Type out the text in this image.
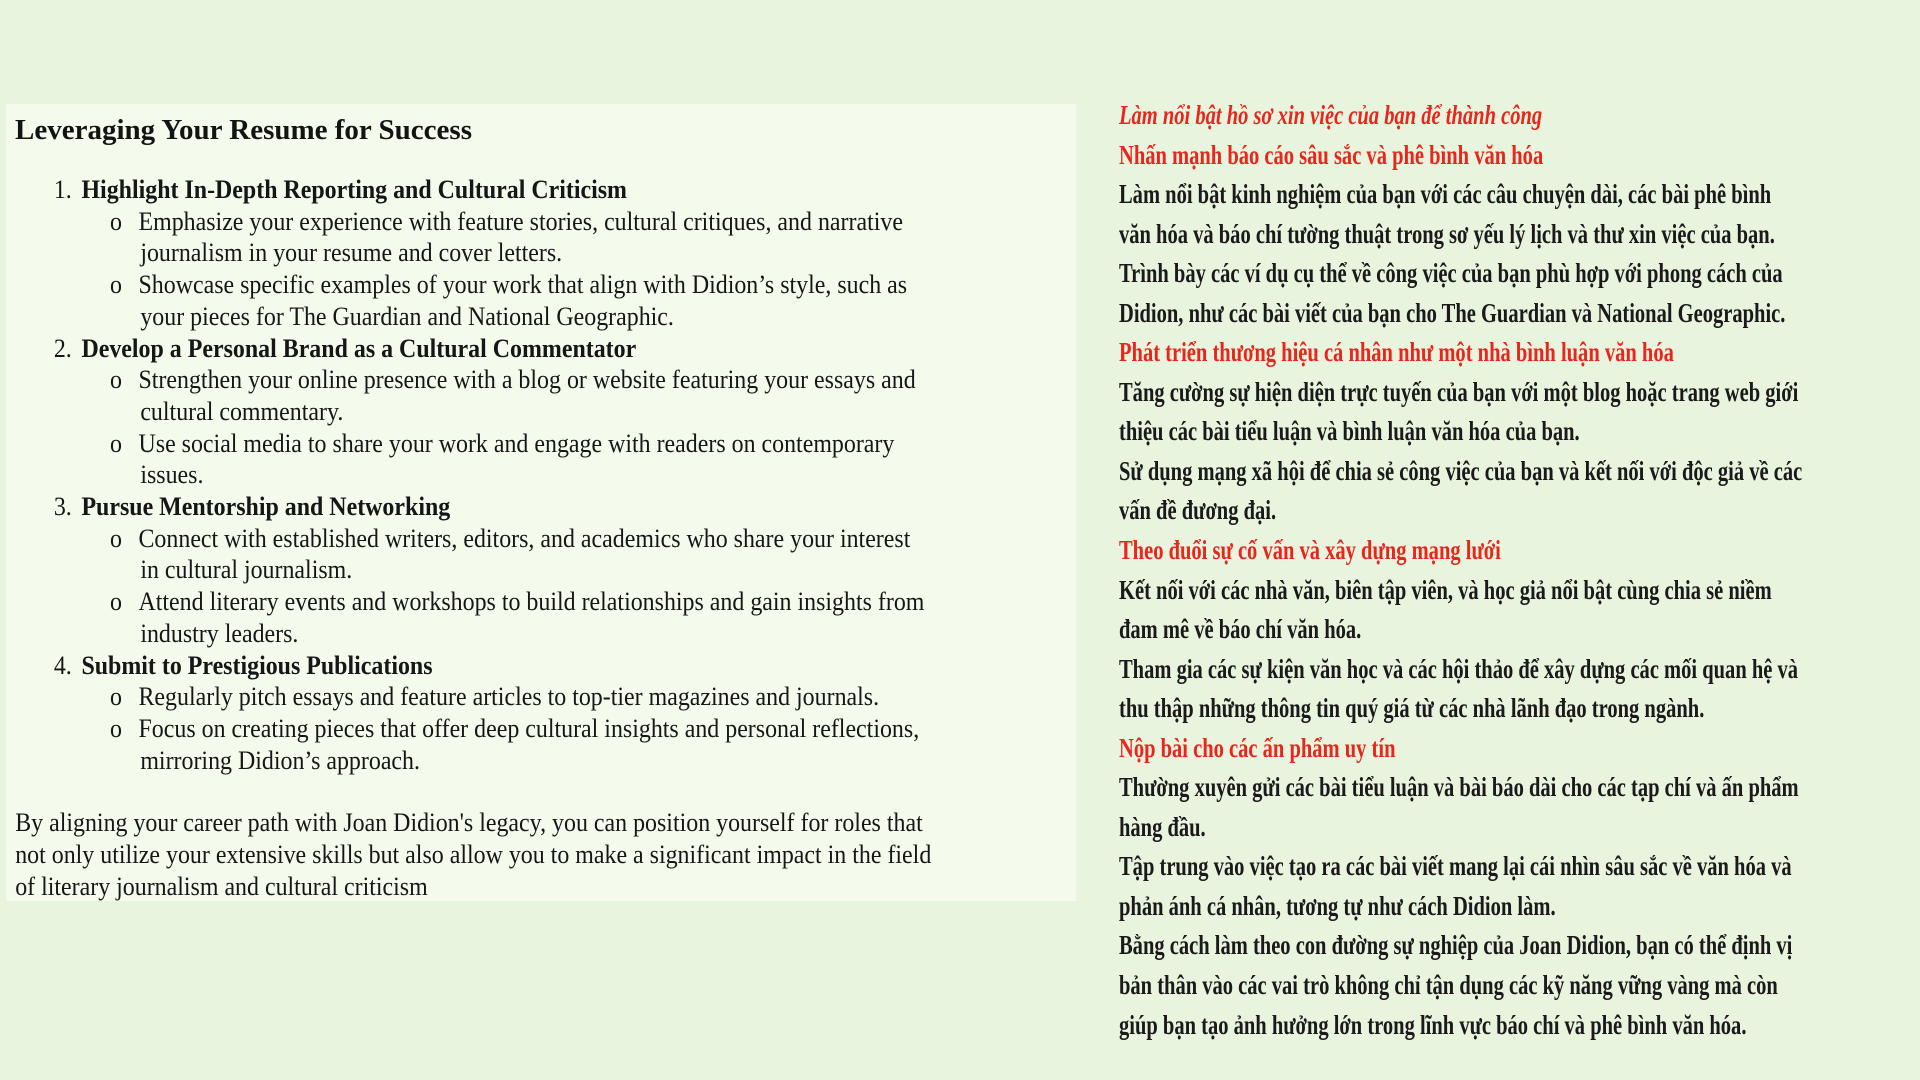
Leveraging Your Resume for Success
1. Highlight In-Depth Reporting and Cultural Criticism
o Emphasize your experience with feature stories, cultural critiques, and narrative
journalism in your resume and cover letters.
o Showcase specific examples of your work that align with Didion’s style, such as
your pieces for The Guardian and National Geographic.
2. Develop a Personal Brand as a Cultural Commentator
o Strengthen your online presence with a blog or website featuring your essays and
cultural commentary.
o Use social media to share your work and engage with readers on contemporary
issues.
3. Pursue Mentorship and Networking
o Connect with established writers, editors, and academics who share your interest
in cultural journalism.
o Attend literary events and workshops to build relationships and gain insights from
industry leaders.
4. Submit to Prestigious Publications
o Regularly pitch essays and feature articles to top-tier magazines and journals.
o Focus on creating pieces that offer deep cultural insights and personal reflections,
mirroring Didion’s approach.
By aligning your career path with Joan Didion's legacy, you can position yourself for roles that
not only utilize your extensive skills but also allow you to make a significant impact in the field
of literary journalism and cultural criticism
Làm nổi bật hồ sơ xin việc của bạn để thành công
Nhấn mạnh báo cáo sâu sắc và phê bình văn hóa
Làm nổi bật kinh nghiệm của bạn với các câu chuyện dài, các bài phê bình
văn hóa và báo chí tường thuật trong sơ yếu lý lịch và thư xin việc của bạn.
Trình bày các ví dụ cụ thể về công việc của bạn phù hợp với phong cách của
Didion, như các bài viết của bạn cho The Guardian và National Geographic.
Phát triển thương hiệu cá nhân như một nhà bình luận văn hóa
Tăng cường sự hiện diện trực tuyến của bạn với một blog hoặc trang web giới
thiệu các bài tiểu luận và bình luận văn hóa của bạn.
Sử dụng mạng xã hội để chia sẻ công việc của bạn và kết nối với độc giả về các
vấn đề đương đại.
Theo đuổi sự cố vấn và xây dựng mạng lưới
Kết nối với các nhà văn, biên tập viên, và học giả nổi bật cùng chia sẻ niềm
đam mê về báo chí văn hóa.
Tham gia các sự kiện văn học và các hội thảo để xây dựng các mối quan hệ và
thu thập những thông tin quý giá từ các nhà lãnh đạo trong ngành.
Nộp bài cho các ấn phẩm uy tín
Thường xuyên gửi các bài tiểu luận và bài báo dài cho các tạp chí và ấn phẩm
hàng đầu.
Tập trung vào việc tạo ra các bài viết mang lại cái nhìn sâu sắc về văn hóa và
phản ánh cá nhân, tương tự như cách Didion làm.
Bằng cách làm theo con đường sự nghiệp của Joan Didion, bạn có thể định vị
bản thân vào các vai trò không chỉ tận dụng các kỹ năng vững vàng mà còn
giúp bạn tạo ảnh hưởng lớn trong lĩnh vực báo chí và phê bình văn hóa.
